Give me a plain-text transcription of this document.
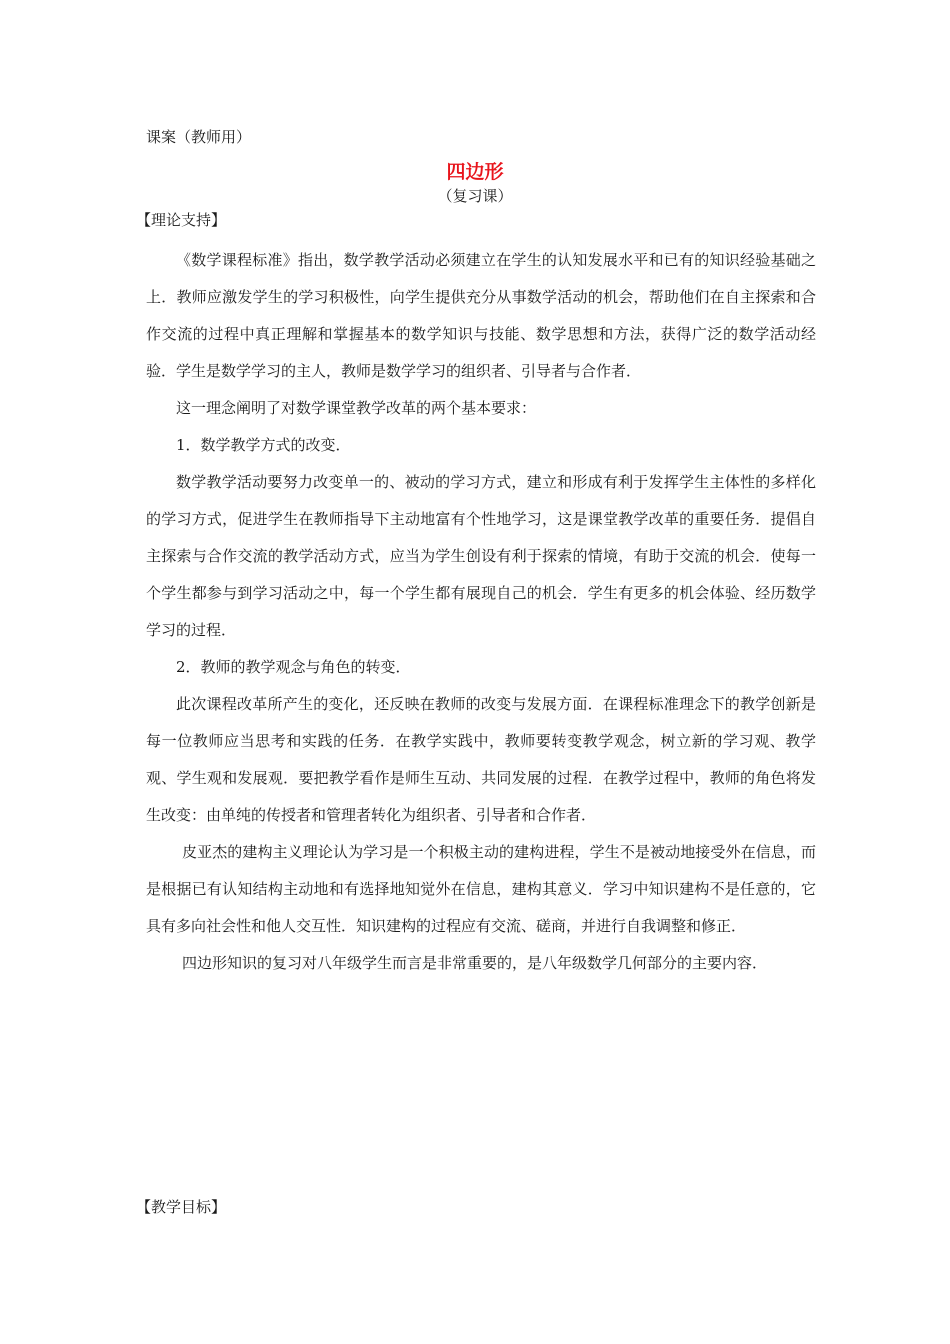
课案（教师用）
四边形
（复习课）
【理论支持】

《数学课程标准》指出，数学教学活动必须建立在学生的认知发展水平和已有的知识经验基础之上．教师应激发学生的学习积极性，向学生提供充分从事数学活动的机会，帮助他们在自主探索和合作交流的过程中真正理解和掌握基本的数学知识与技能、数学思想和方法，获得广泛的数学活动经验．学生是数学学习的主人，教师是数学学习的组织者、引导者与合作者．

这一理念阐明了对数学课堂教学改革的两个基本要求：

1．数学教学方式的改变．

数学教学活动要努力改变单一的、被动的学习方式，建立和形成有利于发挥学生主体性的多样化的学习方式，促进学生在教师指导下主动地富有个性地学习，这是课堂教学改革的重要任务．提倡自主探索与合作交流的教学活动方式，应当为学生创设有利于探索的情境，有助于交流的机会．使每一个学生都参与到学习活动之中，每一个学生都有展现自己的机会．学生有更多的机会体验、经历数学学习的过程．

2．教师的教学观念与角色的转变．

此次课程改革所产生的变化，还反映在教师的改变与发展方面．在课程标准理念下的教学创新是每一位教师应当思考和实践的任务．在教学实践中，教师要转变教学观念，树立新的学习观、教学观、学生观和发展观．要把教学看作是师生互动、共同发展的过程．在教学过程中，教师的角色将发生改变：由单纯的传授者和管理者转化为组织者、引导者和合作者．

皮亚杰的建构主义理论认为学习是一个积极主动的建构进程，学生不是被动地接受外在信息，而是根据已有认知结构主动地和有选择地知觉外在信息，建构其意义．学习中知识建构不是任意的，它具有多向社会性和他人交互性．知识建构的过程应有交流、磋商，并进行自我调整和修正．

四边形知识的复习对八年级学生而言是非常重要的，是八年级数学几何部分的主要内容．

【教学目标】
